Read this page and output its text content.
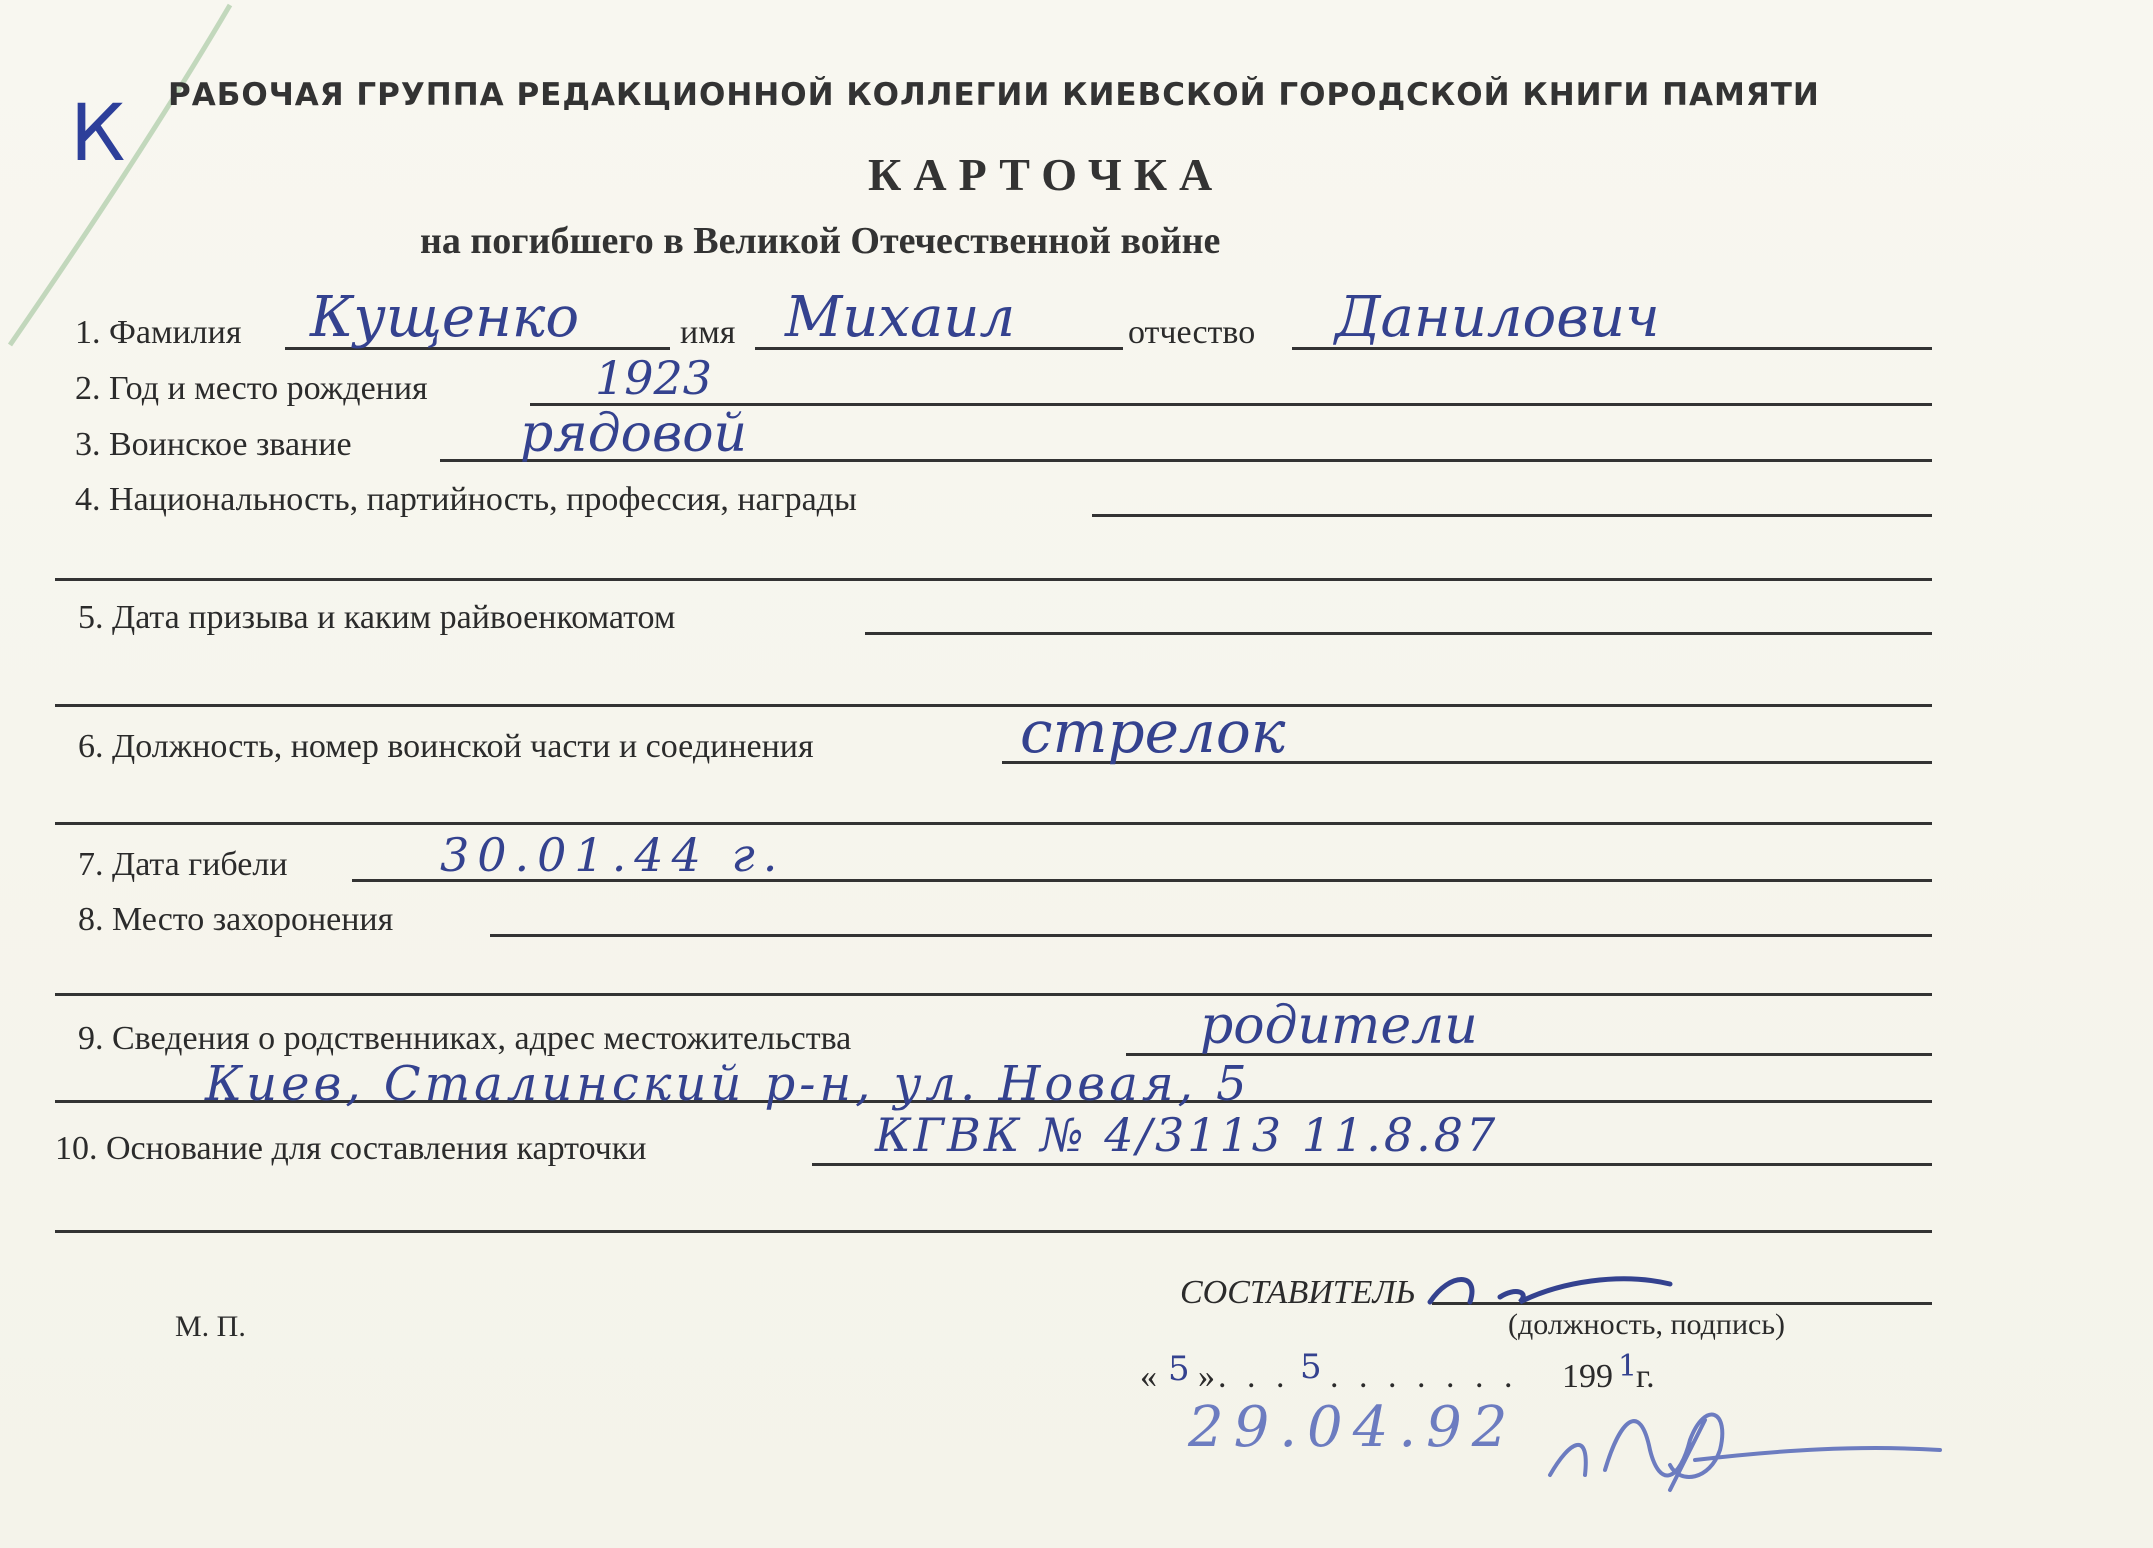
К РАБОЧАЯ ГРУППА РЕДАКЦИОННОЙ КОЛЛЕГИИ КИЕВСКОЙ ГОРОДСКОЙ КНИГИ ПАМЯТИ
КАРТОЧКА
на погибшего в Великой Отечественной войне
1. Фамилия Кущенко	имя Михаил	отчество Данилович
2. Год и место рождения	1923
3. Воинское звание	рядовой
4. Национальность, партийность, профессия, награды
5. Дата призыва и каким райвоенкоматом
6. Должность, номер воинской части и соединения	стрелок
7. Дата гибели	30.01.44 г.
8. Место захоронения
9. Сведения о родственниках, адрес местожительства	родители
Киев, Сталинский р-н, ул. Новая, 5
10. Основание для составления карточки	КГВК № 4/3113 11.8.87
М. П.
СОСТАВИТЕЛЬ
(должность, подпись)
« 5 » . . . 5 . . . . . . . 199 1
г.
29.04.92
